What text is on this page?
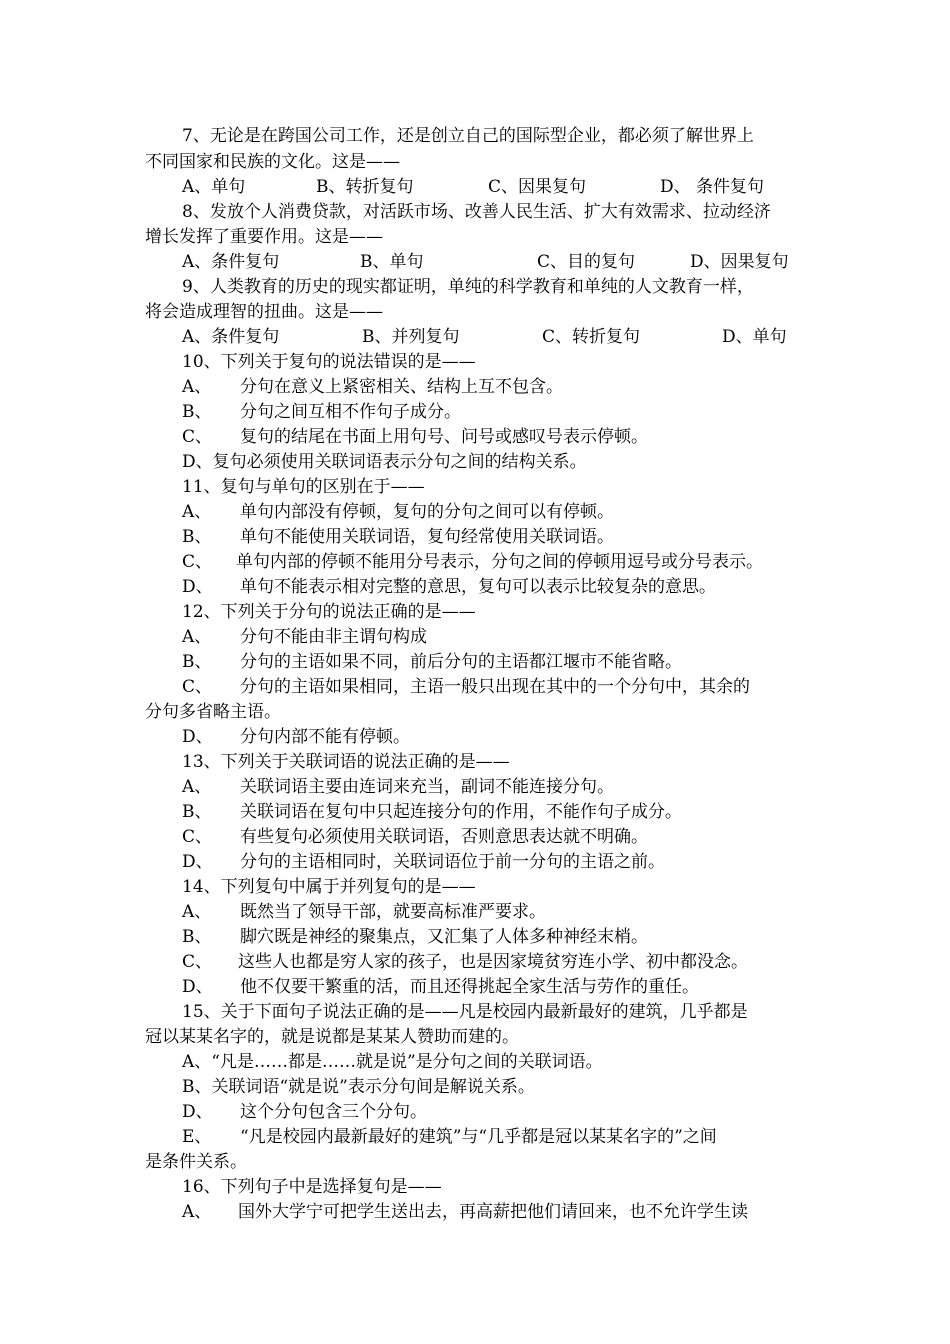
7、无论是在跨国公司工作，还是创立自己的国际型企业，都必须了解世界上
不同国家和民族的文化。这是——
A、单句	B、转折复句	C、因果复句	D、 条件复句
8、发放个人消费贷款，对活跃市场、改善人民生活、扩大有效需求、拉动经济
增长发挥了重要作用。这是——
A、条件复句	B、单句	C、目的复句	D、因果复句
9、人类教育的历史的现实都证明，单纯的科学教育和单纯的人文教育一样，
将会造成理智的扭曲。这是——
A、条件复句	B、并列复句	C、转折复句	D、单句
10、下列关于复句的说法错误的是——
A、 分句在意义上紧密相关、结构上互不包含。
B、 分句之间互相不作句子成分。
C、 复句的结尾在书面上用句号、问号或感叹号表示停顿。
D、复句必须使用关联词语表示分句之间的结构关系。
11、复句与单句的区别在于——
A、 单句内部没有停顿，复句的分句之间可以有停顿。
B、 单句不能使用关联词语，复句经常使用关联词语。
C、 单句内部的停顿不能用分号表示，分句之间的停顿用逗号或分号表示。
D、 单句不能表示相对完整的意思，复句可以表示比较复杂的意思。
12、下列关于分句的说法正确的是——
A、 分句不能由非主谓句构成
B、 分句的主语如果不同，前后分句的主语都江堰市不能省略。
C、 分句的主语如果相同，主语一般只出现在其中的一个分句中，其余的
分句多省略主语。
D、 分句内部不能有停顿。
13、下列关于关联词语的说法正确的是——
A、 关联词语主要由连词来充当，副词不能连接分句。
B、 关联词语在复句中只起连接分句的作用，不能作句子成分。
C、 有些复句必须使用关联词语，否则意思表达就不明确。
D、 分句的主语相同时，关联词语位于前一分句的主语之前。
14、下列复句中属于并列复句的是——
A、 既然当了领导干部，就要高标准严要求。
B、 脚穴既是神经的聚集点，又汇集了人体多种神经末梢。
C、 这些人也都是穷人家的孩子，也是因家境贫穷连小学、初中都没念。
D、 他不仅要干繁重的活，而且还得挑起全家生活与劳作的重任。
15、关于下面句子说法正确的是——凡是校园内最新最好的建筑，几乎都是
冠以某某名字的，就是说都是某某人赞助而建的。
A、“凡是……都是……就是说”是分句之间的关联词语。
B、关联词语“就是说”表示分句间是解说关系。
D、 这个分句包含三个分句。
E、 “凡是校园内最新最好的建筑”与“几乎都是冠以某某名字的”之间
是条件关系。
16、下列句子中是选择复句是——
A、 国外大学宁可把学生送出去，再高薪把他们请回来，也不允许学生读
